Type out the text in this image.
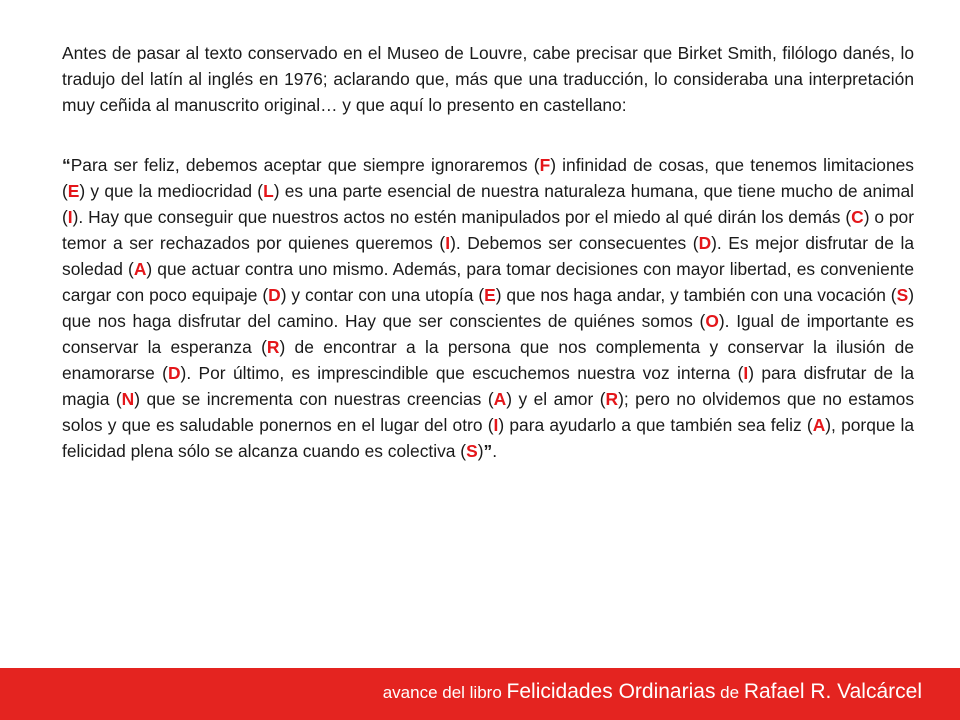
Antes de pasar al texto conservado en el Museo de Louvre, cabe precisar que Birket Smith, filólogo danés, lo tradujo del latín al inglés en 1976; aclarando que, más que una traducción, lo consideraba una interpretación muy ceñida al manuscrito original… y que aquí lo presento en castellano:

“Para ser feliz, debemos aceptar que siempre ignoraremos (F) infinidad de cosas, que tenemos limitaciones (E) y que la mediocridad (L) es una parte esencial de nuestra naturaleza humana, que tiene mucho de animal (I). Hay que conseguir que nuestros actos no estén manipulados por el miedo al qué dirán los demás (C) o por temor a ser rechazados por quienes queremos (I). Debemos ser consecuentes (D). Es mejor disfrutar de la soledad (A) que actuar contra uno mismo. Además, para tomar decisiones con mayor libertad, es conveniente cargar con poco equipaje (D) y contar con una utopía (E) que nos haga andar, y también con una vocación (S) que nos haga disfrutar del camino. Hay que ser conscientes de quiénes somos (O). Igual de importante es conservar la esperanza (R) de encontrar a la persona que nos complementa y conservar la ilusión de enamorarse (D). Por último, es imprescindible que escuchemos nuestra voz interna (I) para disfrutar de la magia (N) que se incrementa con nuestras creencias (A) y el amor (R); pero no olvidemos que no estamos solos y que es saludable ponernos en el lugar del otro (I) para ayudarlo a que también sea feliz (A), porque la felicidad plena sólo se alcanza cuando es colectiva (S)”.

avance del libro Felicidades Ordinarias de Rafael R. Valcárcel
